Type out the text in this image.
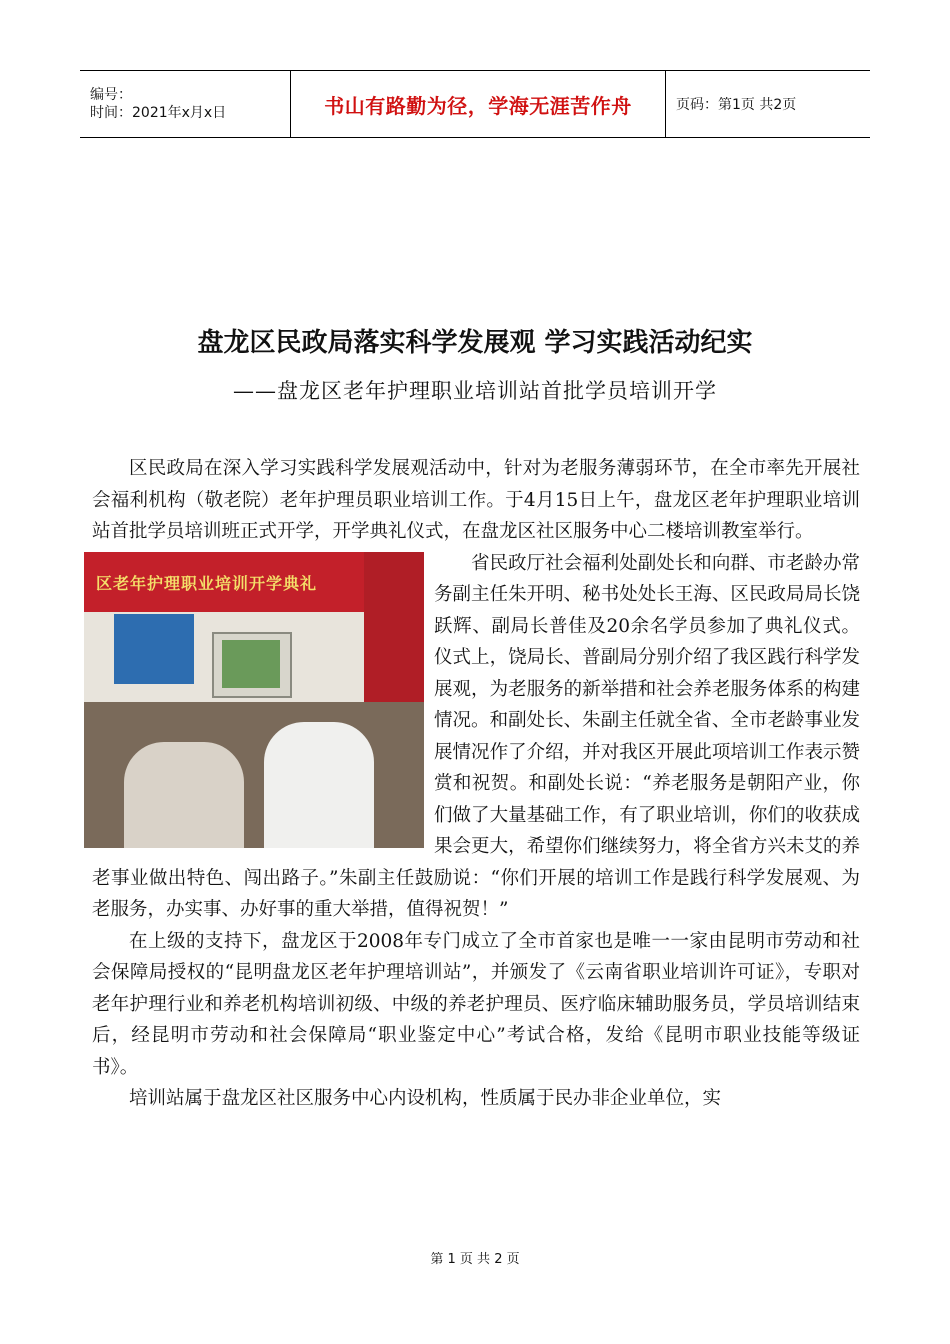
编号：
时间：2021年x月x日	书山有路勤为径，学海无涯苦作舟	页码：第1页 共2页
盘龙区民政局落实科学发展观 学习实践活动纪实
——盘龙区老年护理职业培训站首批学员培训开学

区民政局在深入学习实践科学发展观活动中，针对为老服务薄弱环节，在全市率先开展社会福利机构（敬老院）老年护理员职业培训工作。于4月15日上午，盘龙区老年护理职业培训站首批学员培训班正式开学，开学典礼仪式，在盘龙区社区服务中心二楼培训教室举行。

区老年护理职业培训开学典礼

省民政厅社会福利处副处长和向群、市老龄办常务副主任朱开明、秘书处处长王海、区民政局局长饶跃辉、副局长普佳及20余名学员参加了典礼仪式。仪式上，饶局长、普副局分别介绍了我区践行科学发展观，为老服务的新举措和社会养老服务体系的构建情况。和副处长、朱副主任就全省、全市老龄事业发展情况作了介绍，并对我区开展此项培训工作表示赞赏和祝贺。和副处长说：“养老服务是朝阳产业，你们做了大量基础工作，有了职业培训，你们的收获成果会更大，希望你们继续努力，将全省方兴未艾的养老事业做出特色、闯出路子。”朱副主任鼓励说：“你们开展的培训工作是践行科学发展观、为老服务，办实事、办好事的重大举措，值得祝贺！”

在上级的支持下，盘龙区于2008年专门成立了全市首家也是唯一一家由昆明市劳动和社会保障局授权的“昆明盘龙区老年护理培训站”，并颁发了《云南省职业培训许可证》，专职对老年护理行业和养老机构培训初级、中级的养老护理员、医疗临床辅助服务员，学员培训结束后，经昆明市劳动和社会保障局“职业鉴定中心”考试合格，发给《昆明市职业技能等级证书》。

培训站属于盘龙区社区服务中心内设机构，性质属于民办非企业单位，实

第 1 页 共 2 页
